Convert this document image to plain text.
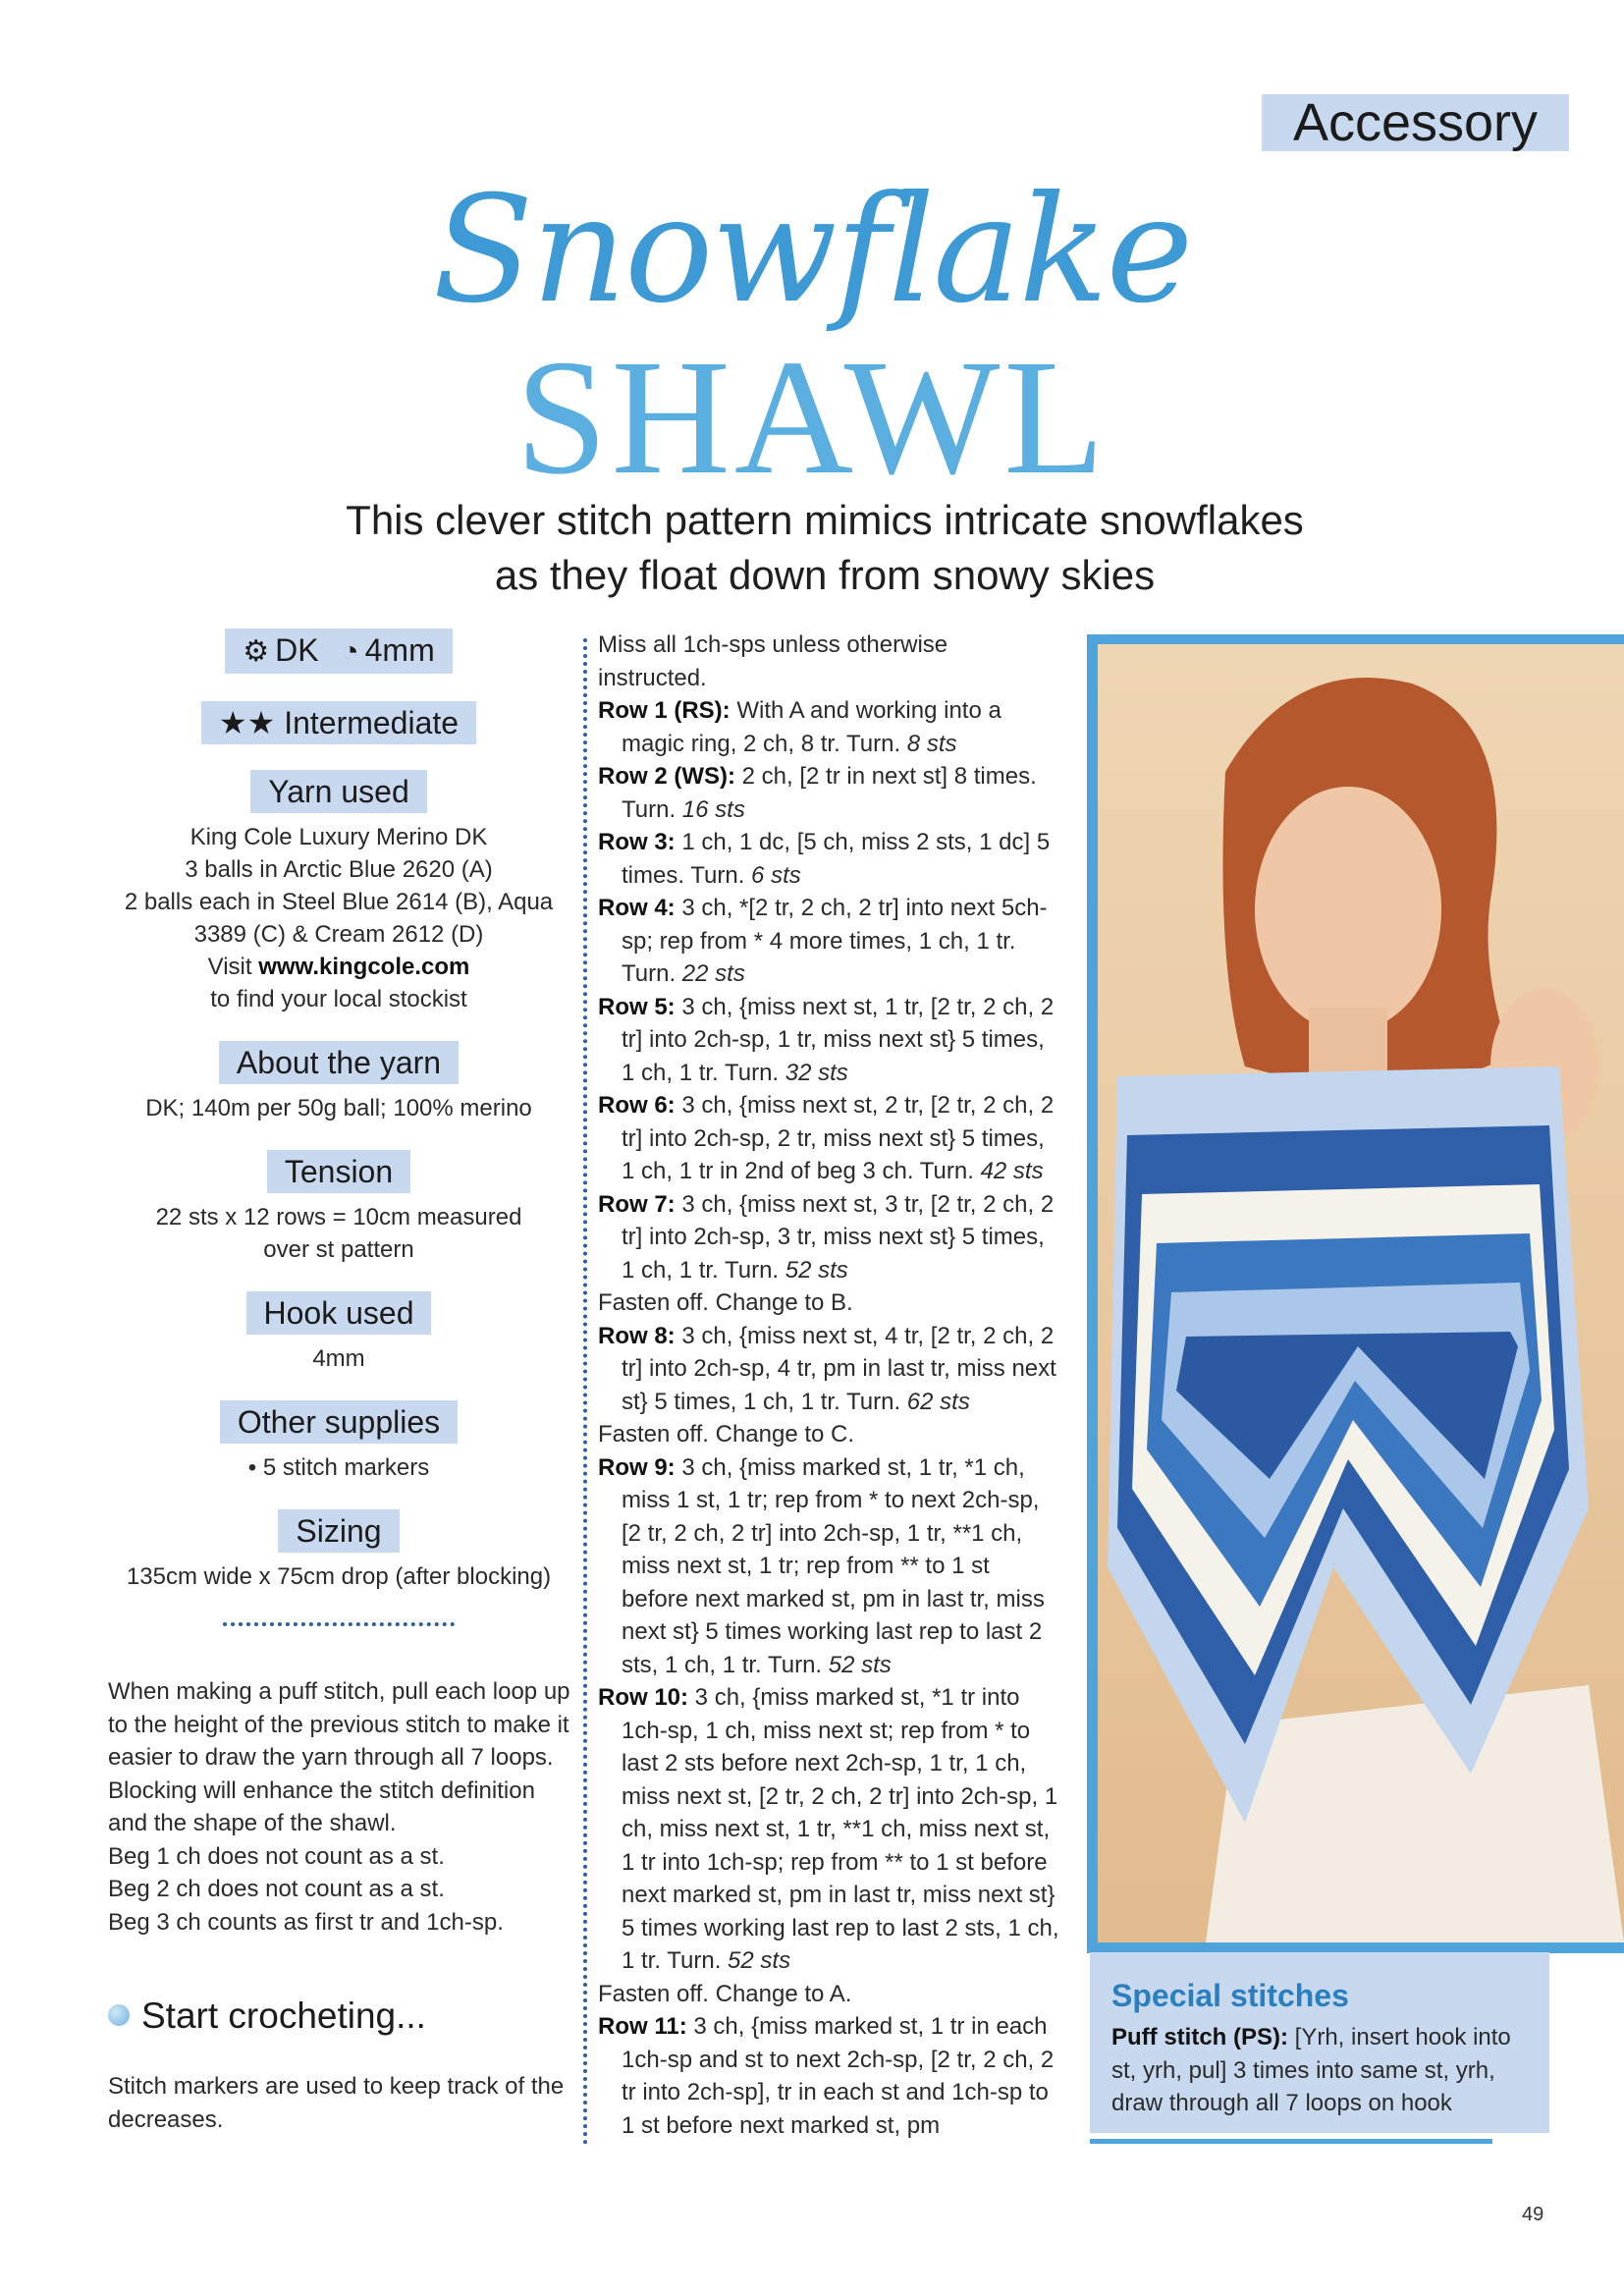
Accessory
Snowflake
SHAWL
This clever stitch pattern mimics intricate snowflakes
as they float down from snowy skies
⚙ DK ◔ 4mm
★★ Intermediate
Yarn used

King Cole Luxury Merino DK
3 balls in Arctic Blue 2620 (A)
2 balls each in Steel Blue 2614 (B), Aqua
3389 (C) & Cream 2612 (D)
Visit www.kingcole.com
to find your local stockist

About the yarn

DK; 140m per 50g ball; 100% merino

Tension

22 sts x 12 rows = 10cm measured
over st pattern

Hook used

4mm

Other supplies

• 5 stitch markers

Sizing

135cm wide x 75cm drop (after blocking)

When making a puff stitch, pull each loop up to the height of the previous stitch to make it easier to draw the yarn through all 7 loops.

Blocking will enhance the stitch definition and the shape of the shawl.

Beg 1 ch does not count as a st.

Beg 2 ch does not count as a st.

Beg 3 ch counts as first tr and 1ch-sp.

Start crocheting...
Stitch markers are used to keep track of the decreases.

Miss all 1ch-sps unless otherwise instructed.

Row 1 (RS): With A and working into a magic ring, 2 ch, 8 tr. Turn. 8 sts

Row 2 (WS): 2 ch, [2 tr in next st] 8 times. Turn. 16 sts

Row 3: 1 ch, 1 dc, [5 ch, miss 2 sts, 1 dc] 5 times. Turn. 6 sts

Row 4: 3 ch, *[2 tr, 2 ch, 2 tr] into next 5ch-sp; rep from * 4 more times, 1 ch, 1 tr. Turn. 22 sts

Row 5: 3 ch, {miss next st, 1 tr, [2 tr, 2 ch, 2 tr] into 2ch-sp, 1 tr, miss next st} 5 times, 1 ch, 1 tr. Turn. 32 sts

Row 6: 3 ch, {miss next st, 2 tr, [2 tr, 2 ch, 2 tr] into 2ch-sp, 2 tr, miss next st} 5 times, 1 ch, 1 tr in 2nd of beg 3 ch. Turn. 42 sts

Row 7: 3 ch, {miss next st, 3 tr, [2 tr, 2 ch, 2 tr] into 2ch-sp, 3 tr, miss next st} 5 times, 1 ch, 1 tr. Turn. 52 sts

Fasten off. Change to B.

Row 8: 3 ch, {miss next st, 4 tr, [2 tr, 2 ch, 2 tr] into 2ch-sp, 4 tr, pm in last tr, miss next st} 5 times, 1 ch, 1 tr. Turn. 62 sts

Fasten off. Change to C.

Row 9: 3 ch, {miss marked st, 1 tr, *1 ch, miss 1 st, 1 tr; rep from * to next 2ch-sp, [2 tr, 2 ch, 2 tr] into 2ch-sp, 1 tr, **1 ch, miss next st, 1 tr; rep from ** to 1 st before next marked st, pm in last tr, miss next st} 5 times working last rep to last 2 sts, 1 ch, 1 tr. Turn. 52 sts

Row 10: 3 ch, {miss marked st, *1 tr into 1ch-sp, 1 ch, miss next st; rep from * to last 2 sts before next 2ch-sp, 1 tr, 1 ch, miss next st, [2 tr, 2 ch, 2 tr] into 2ch-sp, 1 ch, miss next st, 1 tr, **1 ch, miss next st, 1 tr into 1ch-sp; rep from ** to 1 st before next marked st, pm in last tr, miss next st} 5 times working last rep to last 2 sts, 1 ch, 1 tr. Turn. 52 sts

Fasten off. Change to A.

Row 11: 3 ch, {miss marked st, 1 tr in each 1ch-sp and st to next 2ch-sp, [2 tr, 2 ch, 2 tr into 2ch-sp], tr in each st and 1ch-sp to 1 st before next marked st, pm

Special stitches

Puff stitch (PS): [Yrh, insert hook into st, yrh, pul] 3 times into same st, yrh, draw through all 7 loops on hook

49
